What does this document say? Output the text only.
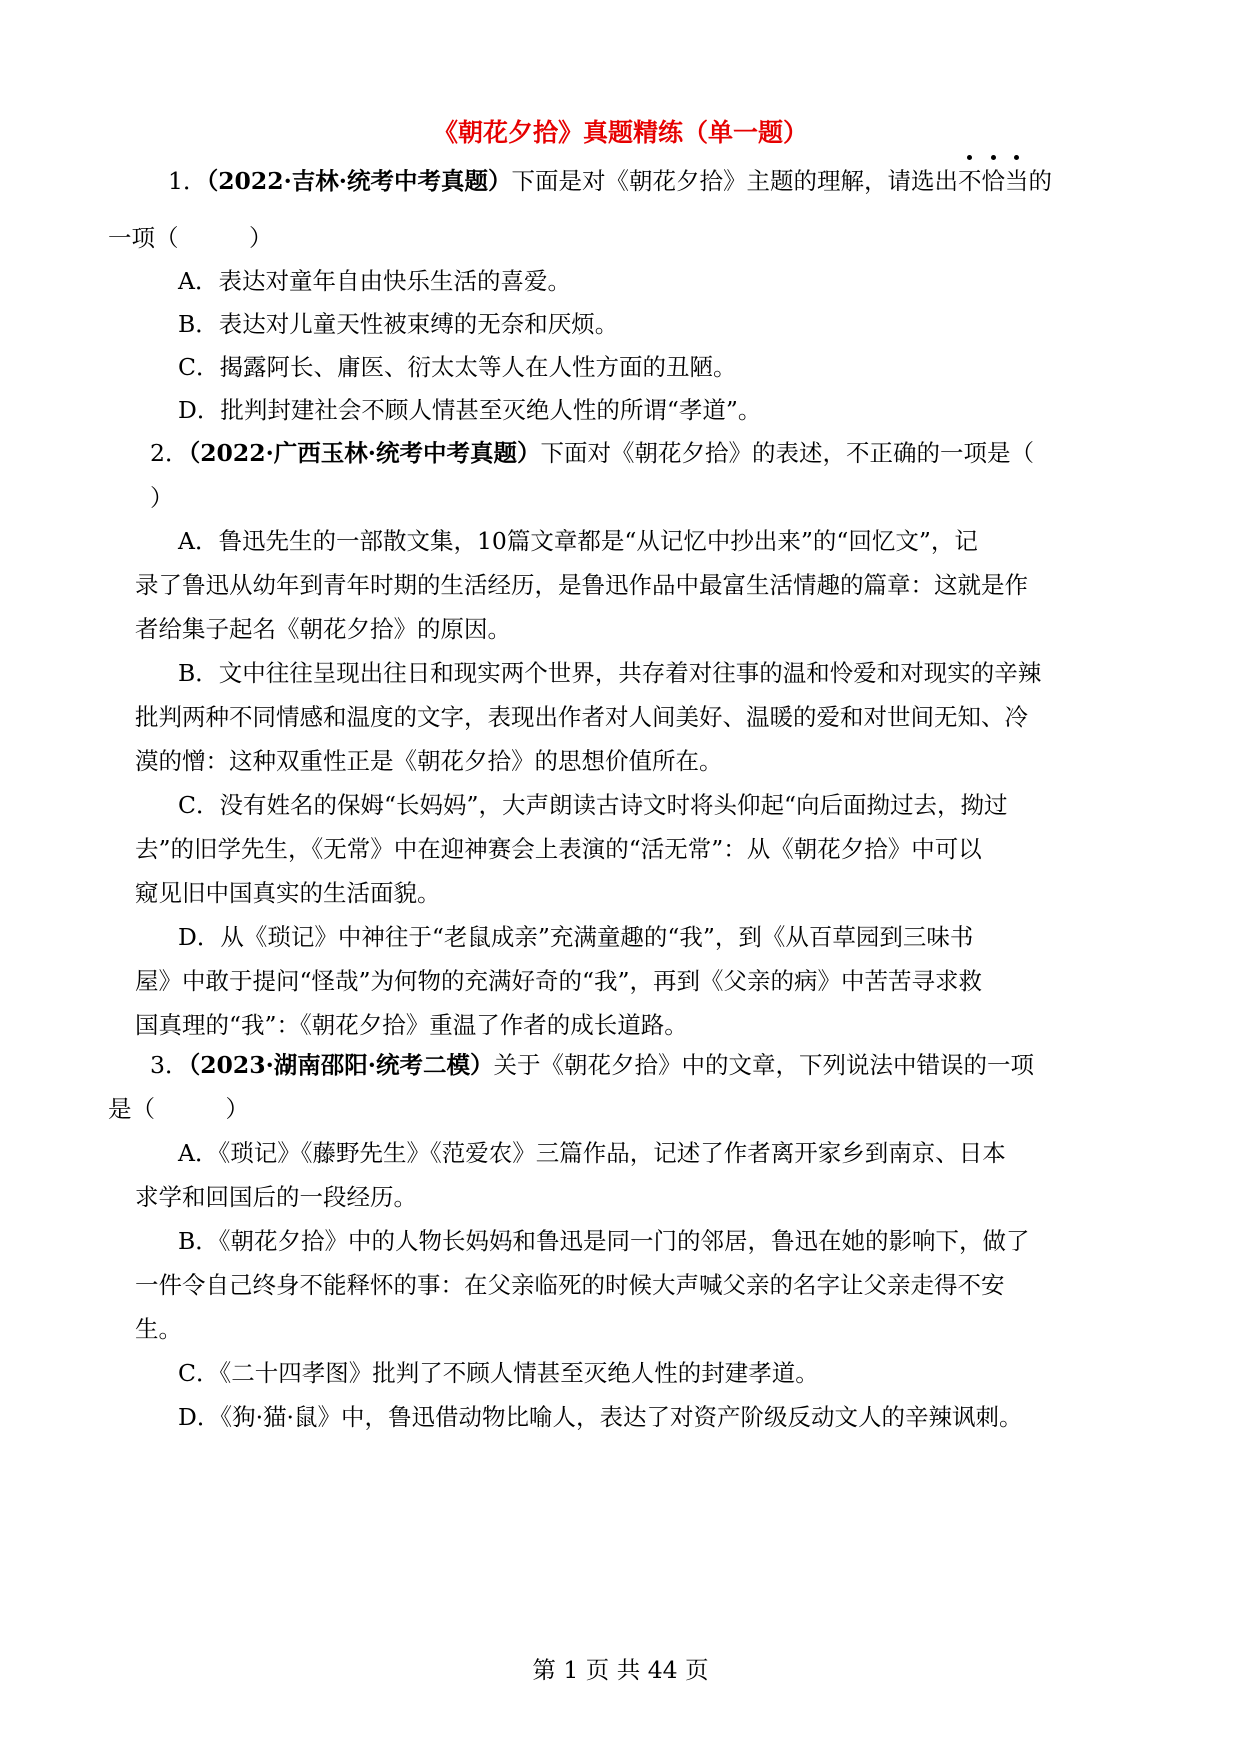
《朝花夕拾》真题精练（单一题）
1．（2022·吉林·统考中考真题）下面是对《朝花夕拾》主题的理解，请选出
不
恰
当的
一项（　　　）
A．表达对童年自由快乐生活的喜爱。
B．表达对儿童天性被束缚的无奈和厌烦。
C．揭露阿长、庸医、衍太太等人在人性方面的丑陋。
D．批判封建社会不顾人情甚至灭绝人性的所谓“孝道”。
2．（2022·广西玉林·统考中考真题）下面对《朝花夕拾》的表述，不正确的一项是（
）
A．鲁迅先生的一部散文集，10篇文章都是“从记忆中抄出来”的“回忆文”，记
录了鲁迅从幼年到青年时期的生活经历，是鲁迅作品中最富生活情趣的篇章：这就是作
者给集子起名《朝花夕拾》的原因。
B．文中往往呈现出往日和现实两个世界，共存着对往事的温和怜爱和对现实的辛辣
批判两种不同情感和温度的文字，表现出作者对人间美好、温暖的爱和对世间无知、冷
漠的憎：这种双重性正是《朝花夕拾》的思想价值所在。
C．没有姓名的保姆“长妈妈”，大声朗读古诗文时将头仰起“向后面拗过去，拗过
去”的旧学先生，《无常》中在迎神赛会上表演的“活无常”：从《朝花夕拾》中可以
窥见旧中国真实的生活面貌。
D．从《琐记》中神往于“老鼠成亲”充满童趣的“我”，到《从百草园到三味书
屋》中敢于提问“怪哉”为何物的充满好奇的“我”，再到《父亲的病》中苦苦寻求救
国真理的“我”：《朝花夕拾》重温了作者的成长道路。
3．（2023·湖南邵阳·统考二模）关于《朝花夕拾》中的文章，下列说法中错误的一项
是（　　　）
A．《琐记》《藤野先生》《范爱农》三篇作品，记述了作者离开家乡到南京、日本
求学和回国后的一段经历。
B．《朝花夕拾》中的人物长妈妈和鲁迅是同一门的邻居，鲁迅在她的影响下，做了
一件令自己终身不能释怀的事：在父亲临死的时候大声喊父亲的名字让父亲走得不安
生。
C．《二十四孝图》批判了不顾人情甚至灭绝人性的封建孝道。
D．《狗·猫·鼠》中，鲁迅借动物比喻人，表达了对资产阶级反动文人的辛辣讽刺。
第 1 页 共 44 页
